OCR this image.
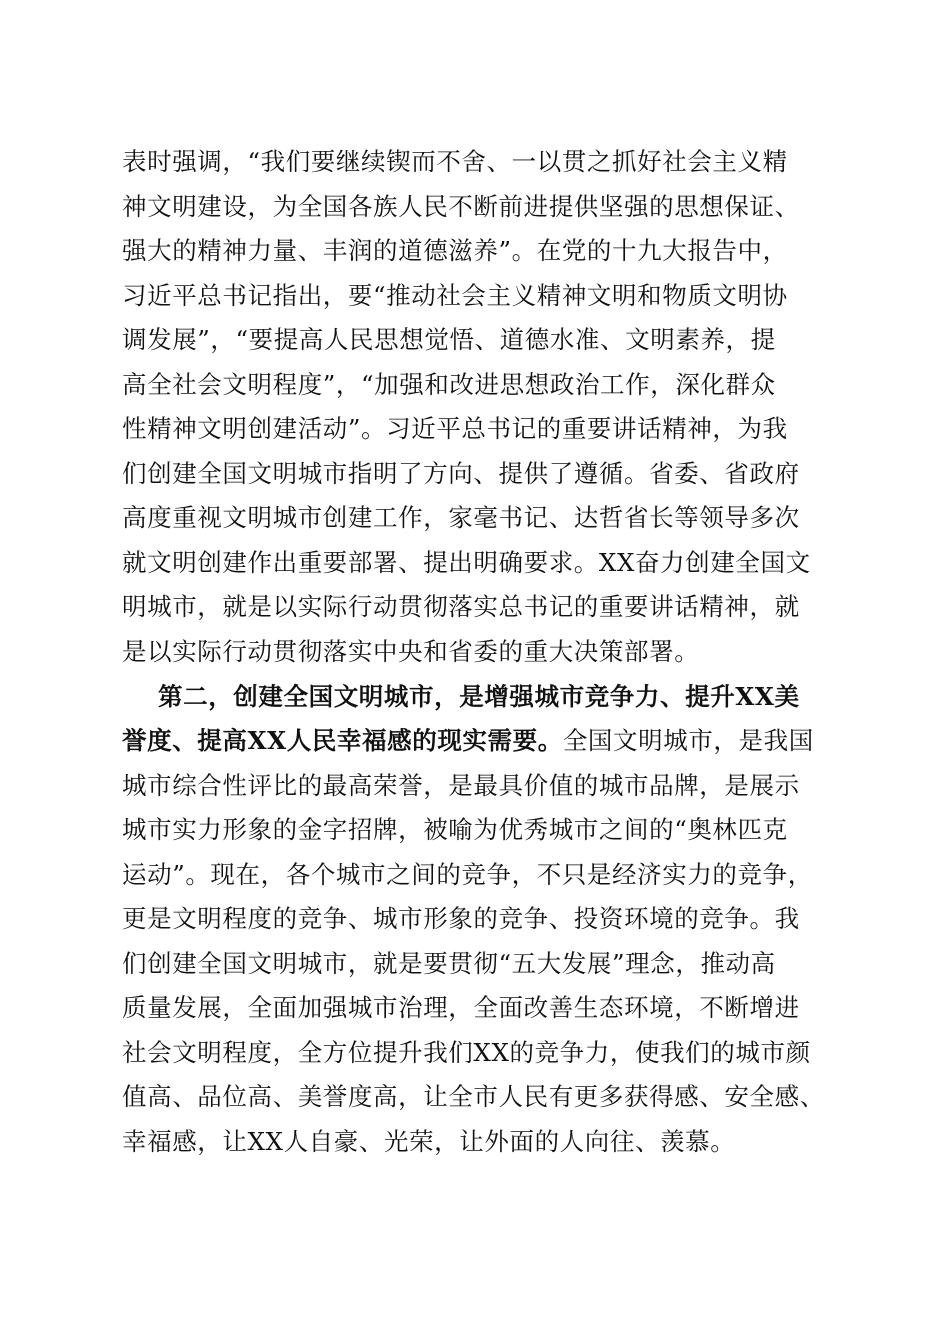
表时强调，“我们要继续锲而不舍、一以贯之抓好社会主义精
神文明建设，为全国各族人民不断前进提供坚强的思想保证、
强大的精神力量、丰润的道德滋养”。在党的十九大报告中，
习近平总书记指出，要“推动社会主义精神文明和物质文明协
调发展”，“要提高人民思想觉悟、道德水准、文明素养，提
高全社会文明程度”，“加强和改进思想政治工作，深化群众
性精神文明创建活动”。习近平总书记的重要讲话精神，为我
们创建全国文明城市指明了方向、提供了遵循。省委、省政府
高度重视文明城市创建工作，家毫书记、达哲省长等领导多次
就文明创建作出重要部署、提出明确要求。XX奋力创建全国文
明城市，就是以实际行动贯彻落实总书记的重要讲话精神，就
是以实际行动贯彻落实中央和省委的重大决策部署。
第二，创建全国文明城市，是增强城市竞争力、提升XX美
誉度、提高XX人民幸福感的现实需要。全国文明城市，是我国
城市综合性评比的最高荣誉，是最具价值的城市品牌，是展示
城市实力形象的金字招牌，被喻为优秀城市之间的“奥林匹克
运动”。现在，各个城市之间的竞争，不只是经济实力的竞争，
更是文明程度的竞争、城市形象的竞争、投资环境的竞争。我
们创建全国文明城市，就是要贯彻“五大发展”理念，推动高
质量发展，全面加强城市治理，全面改善生态环境，不断增进
社会文明程度，全方位提升我们XX的竞争力，使我们的城市颜
值高、品位高、美誉度高，让全市人民有更多获得感、安全感、
幸福感，让XX人自豪、光荣，让外面的人向往、羡慕。
